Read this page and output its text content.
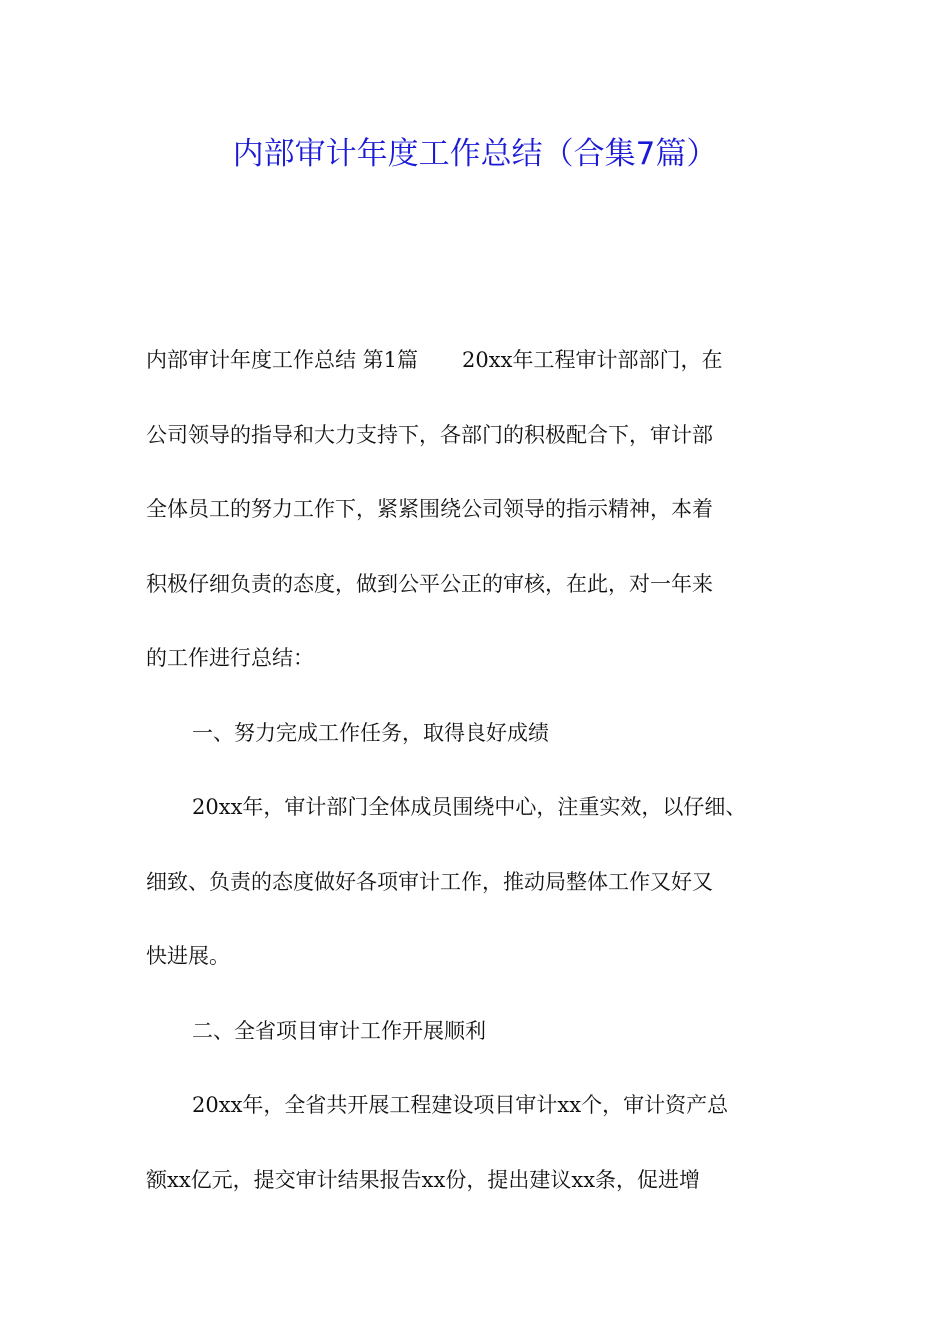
内部审计年度工作总结（合集7篇）

内部审计年度工作总结 第1篇 20xx年工程审计部部门，在

公司领导的指导和大力支持下，各部门的积极配合下，审计部

全体员工的努力工作下，紧紧围绕公司领导的指示精神，本着

积极仔细负责的态度，做到公平公正的审核，在此，对一年来

的工作进行总结：

一、努力完成工作任务，取得良好成绩

20xx年，审计部门全体成员围绕中心，注重实效，以仔细、

细致、负责的态度做好各项审计工作，推动局整体工作又好又

快进展。

二、全省项目审计工作开展顺利

20xx年，全省共开展工程建设项目审计xx个，审计资产总

额xx亿元，提交审计结果报告xx份，提出建议xx条，促进增
